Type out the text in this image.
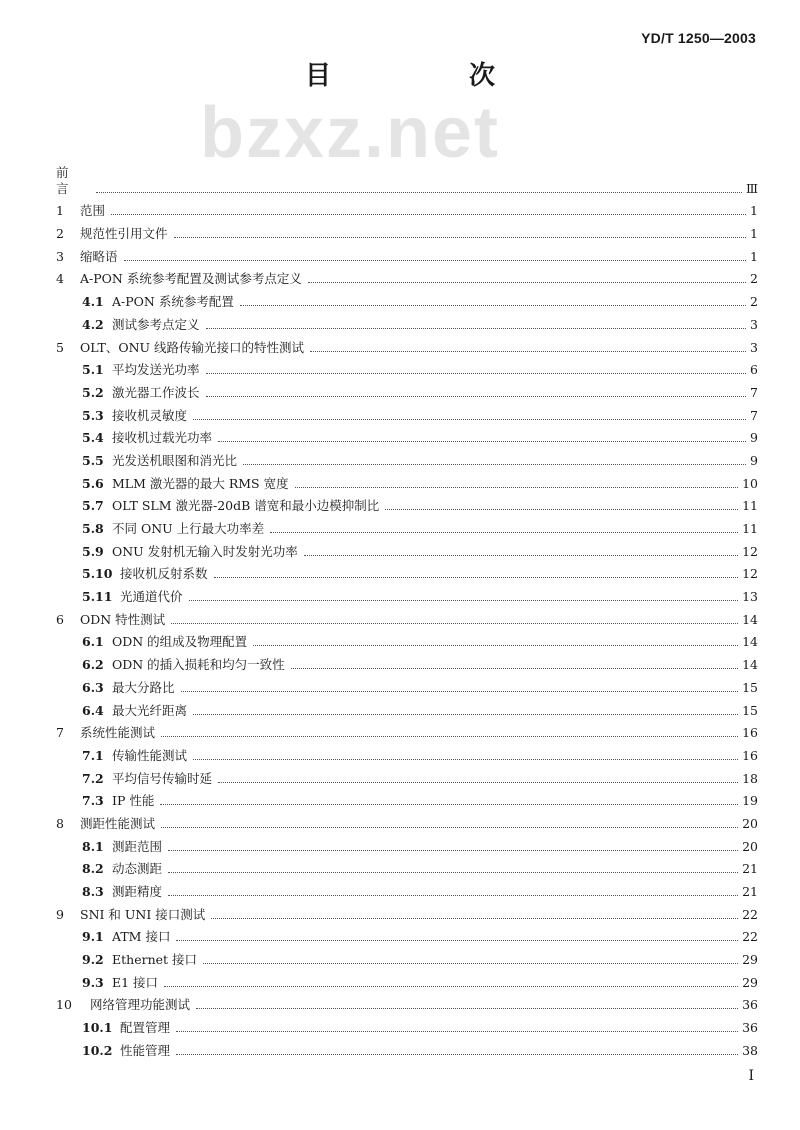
YD/T 1250—2003
目　次
bzxz.net
前　言	Ⅲ
1	范围	1
2	规范性引用文件	1
3	缩略语	1
4	A-PON 系统参考配置及测试参考点定义	2
4.1 A-PON 系统参考配置	2
4.2 测试参考点定义	3
5	OLT、ONU 线路传输光接口的特性测试	3
5.1 平均发送光功率	6
5.2 激光器工作波长	7
5.3 接收机灵敏度	7
5.4 接收机过载光功率	9
5.5 光发送机眼图和消光比	9
5.6 MLM 激光器的最大 RMS 宽度	10
5.7 OLT SLM 激光器-20dB 谱宽和最小边模抑制比	11
5.8 不同 ONU 上行最大功率差	11
5.9 ONU 发射机无输入时发射光功率	12
5.10 接收机反射系数	12
5.11 光通道代价	13
6	ODN 特性测试	14
6.1 ODN 的组成及物理配置	14
6.2 ODN 的插入损耗和均匀一致性	14
6.3 最大分路比	15
6.4 最大光纤距离	15
7	系统性能测试	16
7.1 传输性能测试	16
7.2 平均信号传输时延	18
7.3 IP 性能	19
8	测距性能测试	20
8.1 测距范围	20
8.2 动态测距	21
8.3 测距精度	21
9	SNI 和 UNI 接口测试	22
9.1 ATM 接口	22
9.2 Ethernet 接口	29
9.3 E1 接口	29
10	网络管理功能测试	36
10.1 配置管理	36
10.2 性能管理	38
I
